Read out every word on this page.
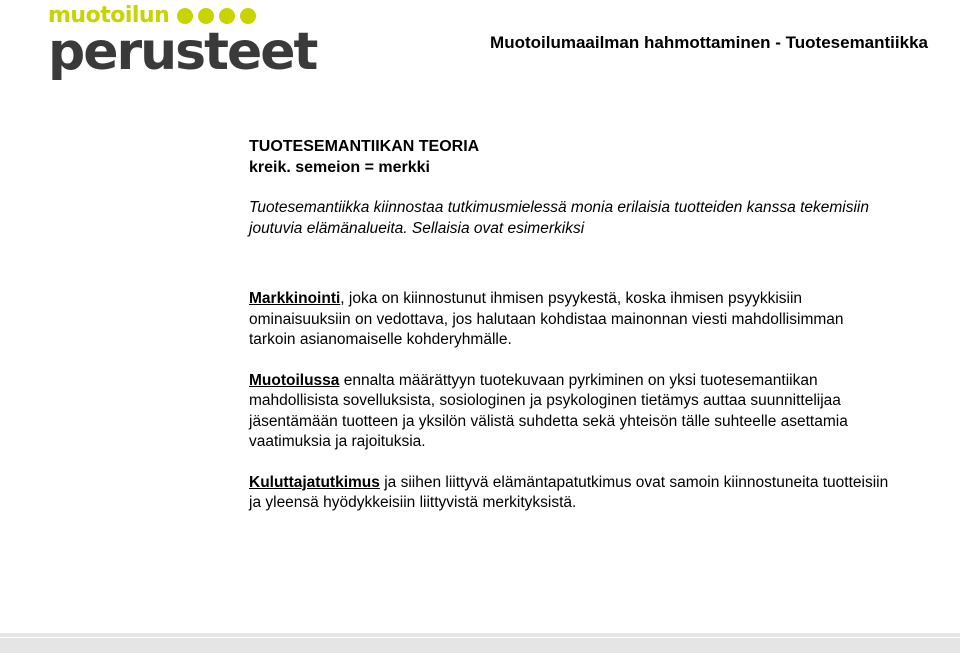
muotoilun
perusteet	Muotoilumaailman hahmottaminen - Tuotesemantiikka
TUOTESEMANTIIKAN TEORIA
kreik. semeion = merkki

Tuotesemantiikka kiinnostaa tutkimusmielessä monia erilaisia tuotteiden kanssa tekemisiin joutuvia elämänalueita. Sellaisia ovat esimerkiksi

Markkinointi, joka on kiinnostunut ihmisen psyykestä, koska ihmisen psyykkisiin ominaisuuksiin on vedottava, jos halutaan kohdistaa mainonnan viesti mahdollisimman tarkoin asianomaiselle kohderyhmälle.

Muotoilussa ennalta määrättyyn tuotekuvaan pyrkiminen on yksi tuotesemantiikan mahdollisista sovelluksista, sosiologinen ja psykologinen tietämys auttaa suunnittelijaa jäsentämään tuotteen ja yksilön välistä suhdetta sekä yhteisön tälle suhteelle asettamia vaatimuksia ja rajoituksia.

Kuluttajatutkimus ja siihen liittyvä elämäntapatutkimus ovat samoin kiinnostuneita tuotteisiin ja yleensä hyödykkeisiin liittyvistä merkityksistä.
